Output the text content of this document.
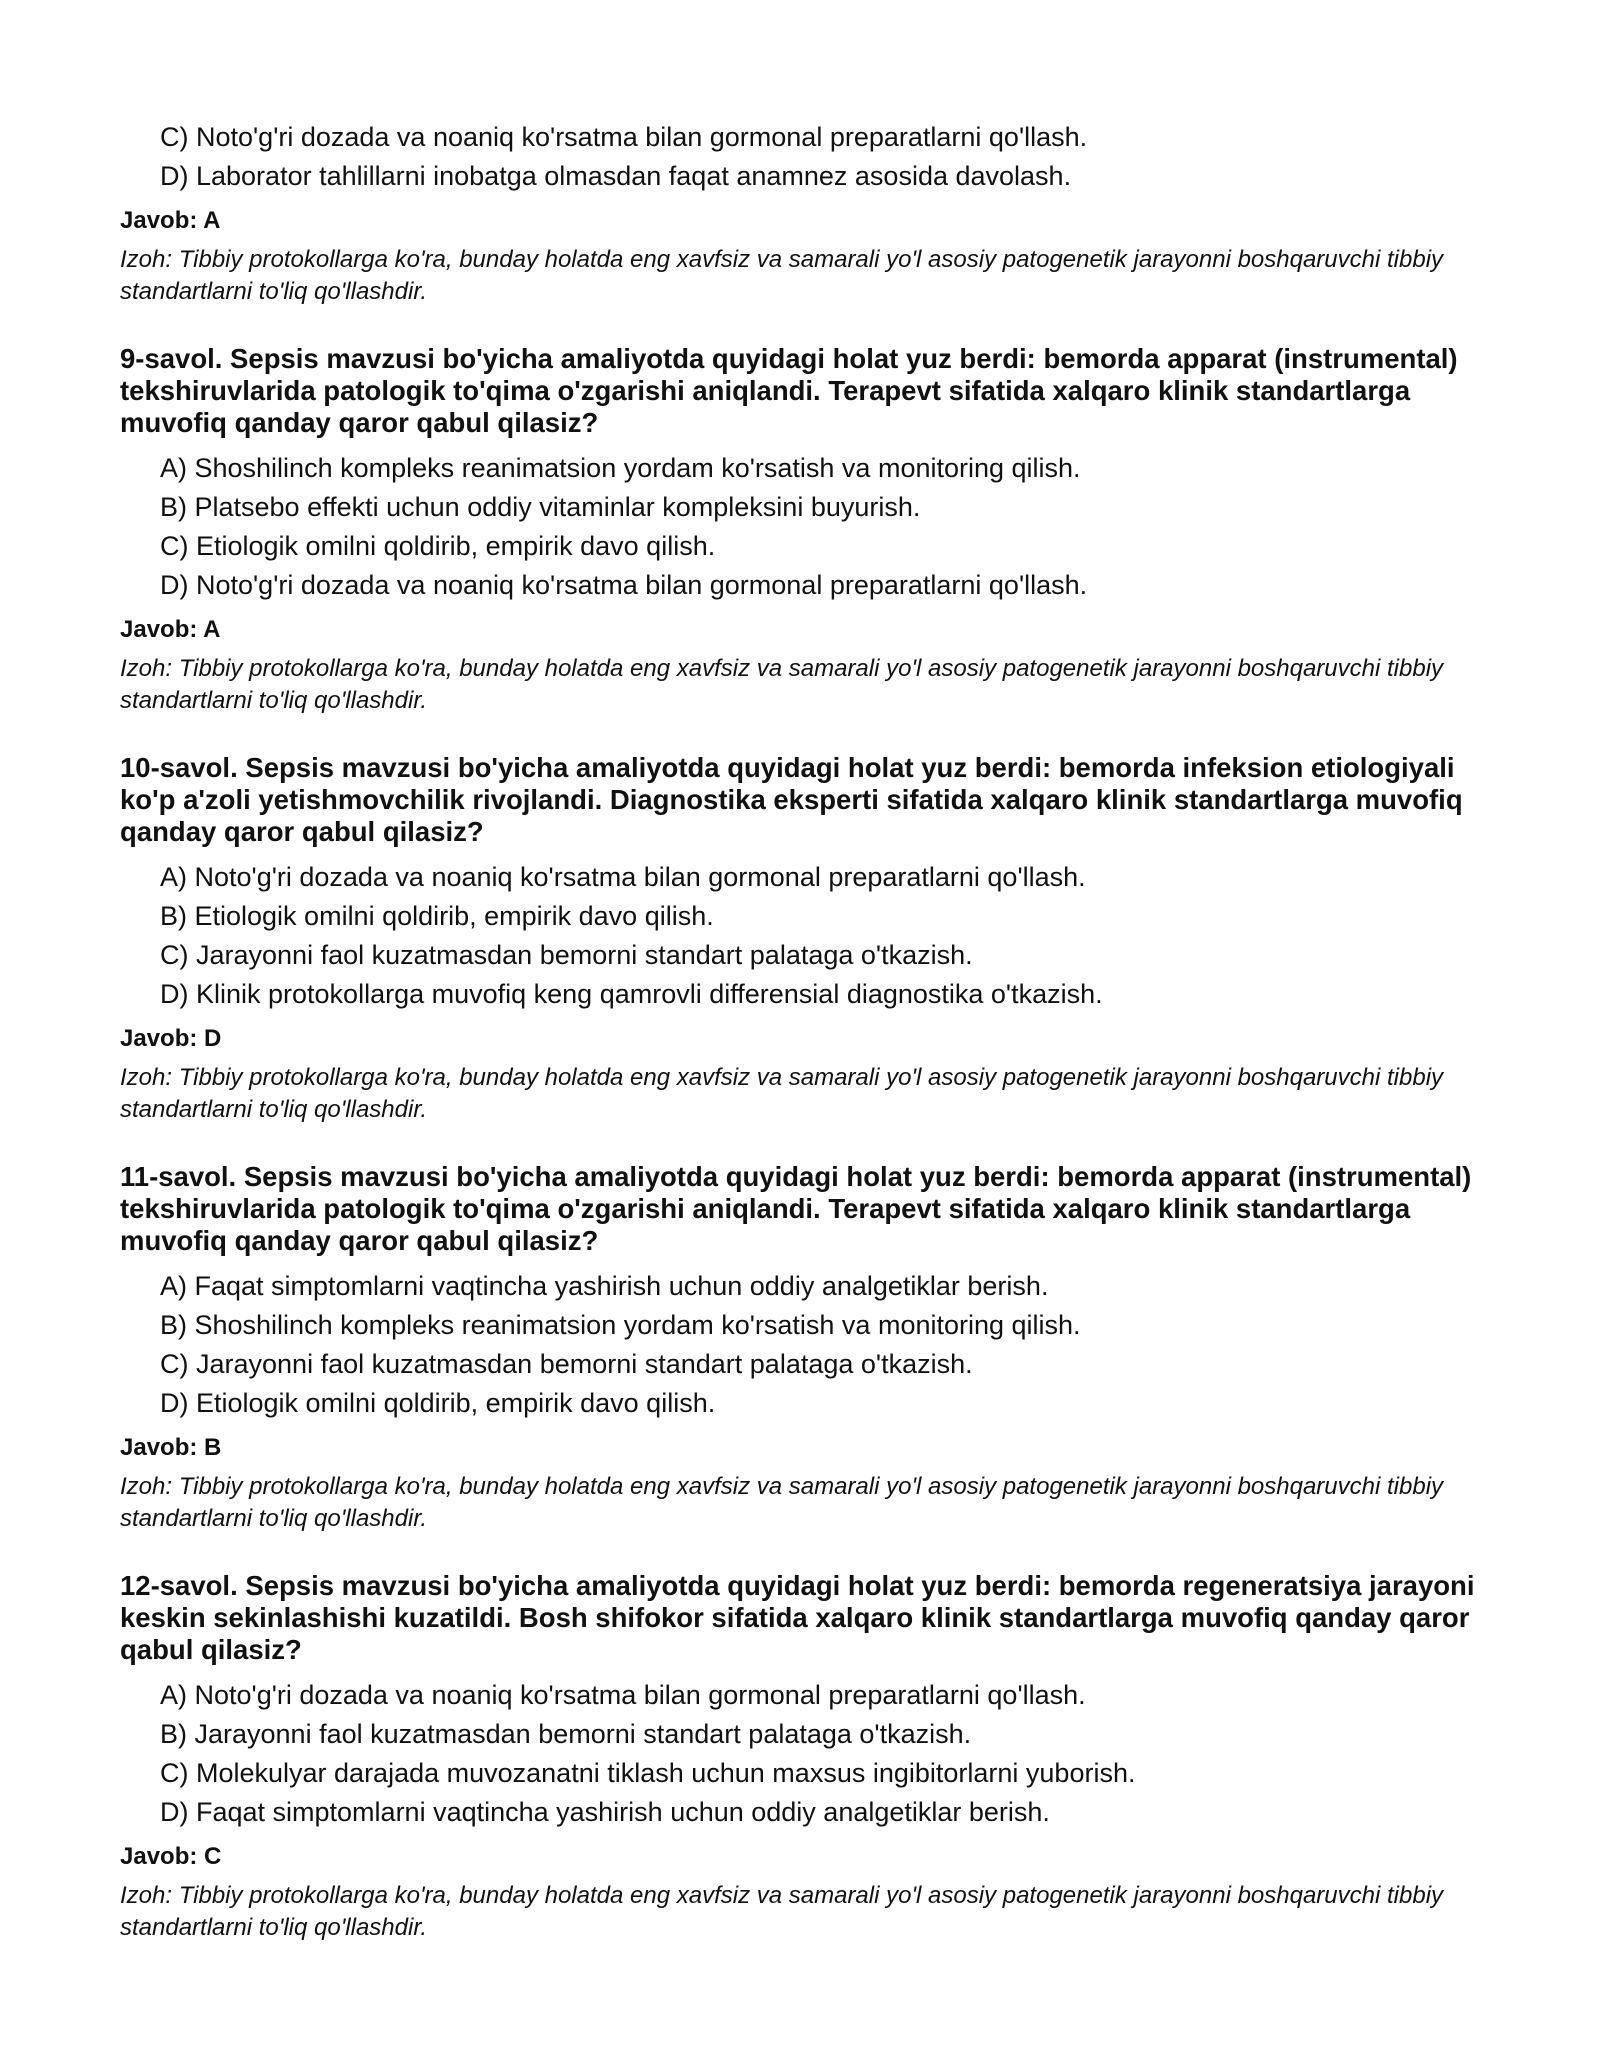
C) Noto'g'ri dozada va noaniq ko'rsatma bilan gormonal preparatlarni qo'llash.
D) Laborator tahlillarni inobatga olmasdan faqat anamnez asosida davolash.
Javob: A
Izoh: Tibbiy protokollarga ko'ra, bunday holatda eng xavfsiz va samarali yo'l asosiy patogenetik jarayonni boshqaruvchi tibbiy standartlarni to'liq qo'llashdir.
9-savol. Sepsis mavzusi bo'yicha amaliyotda quyidagi holat yuz berdi: bemorda apparat (instrumental) tekshiruvlarida patologik to'qima o'zgarishi aniqlandi. Terapevt sifatida xalqaro klinik standartlarga muvofiq qanday qaror qabul qilasiz?
A) Shoshilinch kompleks reanimatsion yordam ko'rsatish va monitoring qilish.
B) Platsebo effekti uchun oddiy vitaminlar kompleksini buyurish.
C) Etiologik omilni qoldirib, empirik davo qilish.
D) Noto'g'ri dozada va noaniq ko'rsatma bilan gormonal preparatlarni qo'llash.
Javob: A
Izoh: Tibbiy protokollarga ko'ra, bunday holatda eng xavfsiz va samarali yo'l asosiy patogenetik jarayonni boshqaruvchi tibbiy standartlarni to'liq qo'llashdir.
10-savol. Sepsis mavzusi bo'yicha amaliyotda quyidagi holat yuz berdi: bemorda infeksion etiologiyali ko'p a'zoli yetishmovchilik rivojlandi. Diagnostika eksperti sifatida xalqaro klinik standartlarga muvofiq qanday qaror qabul qilasiz?
A) Noto'g'ri dozada va noaniq ko'rsatma bilan gormonal preparatlarni qo'llash.
B) Etiologik omilni qoldirib, empirik davo qilish.
C) Jarayonni faol kuzatmasdan bemorni standart palataga o'tkazish.
D) Klinik protokollarga muvofiq keng qamrovli differensial diagnostika o'tkazish.
Javob: D
Izoh: Tibbiy protokollarga ko'ra, bunday holatda eng xavfsiz va samarali yo'l asosiy patogenetik jarayonni boshqaruvchi tibbiy standartlarni to'liq qo'llashdir.
11-savol. Sepsis mavzusi bo'yicha amaliyotda quyidagi holat yuz berdi: bemorda apparat (instrumental) tekshiruvlarida patologik to'qima o'zgarishi aniqlandi. Terapevt sifatida xalqaro klinik standartlarga muvofiq qanday qaror qabul qilasiz?
A) Faqat simptomlarni vaqtincha yashirish uchun oddiy analgetiklar berish.
B) Shoshilinch kompleks reanimatsion yordam ko'rsatish va monitoring qilish.
C) Jarayonni faol kuzatmasdan bemorni standart palataga o'tkazish.
D) Etiologik omilni qoldirib, empirik davo qilish.
Javob: B
Izoh: Tibbiy protokollarga ko'ra, bunday holatda eng xavfsiz va samarali yo'l asosiy patogenetik jarayonni boshqaruvchi tibbiy standartlarni to'liq qo'llashdir.
12-savol. Sepsis mavzusi bo'yicha amaliyotda quyidagi holat yuz berdi: bemorda regeneratsiya jarayoni keskin sekinlashishi kuzatildi. Bosh shifokor sifatida xalqaro klinik standartlarga muvofiq qanday qaror qabul qilasiz?
A) Noto'g'ri dozada va noaniq ko'rsatma bilan gormonal preparatlarni qo'llash.
B) Jarayonni faol kuzatmasdan bemorni standart palataga o'tkazish.
C) Molekulyar darajada muvozanatni tiklash uchun maxsus ingibitorlarni yuborish.
D) Faqat simptomlarni vaqtincha yashirish uchun oddiy analgetiklar berish.
Javob: C
Izoh: Tibbiy protokollarga ko'ra, bunday holatda eng xavfsiz va samarali yo'l asosiy patogenetik jarayonni boshqaruvchi tibbiy standartlarni to'liq qo'llashdir.
